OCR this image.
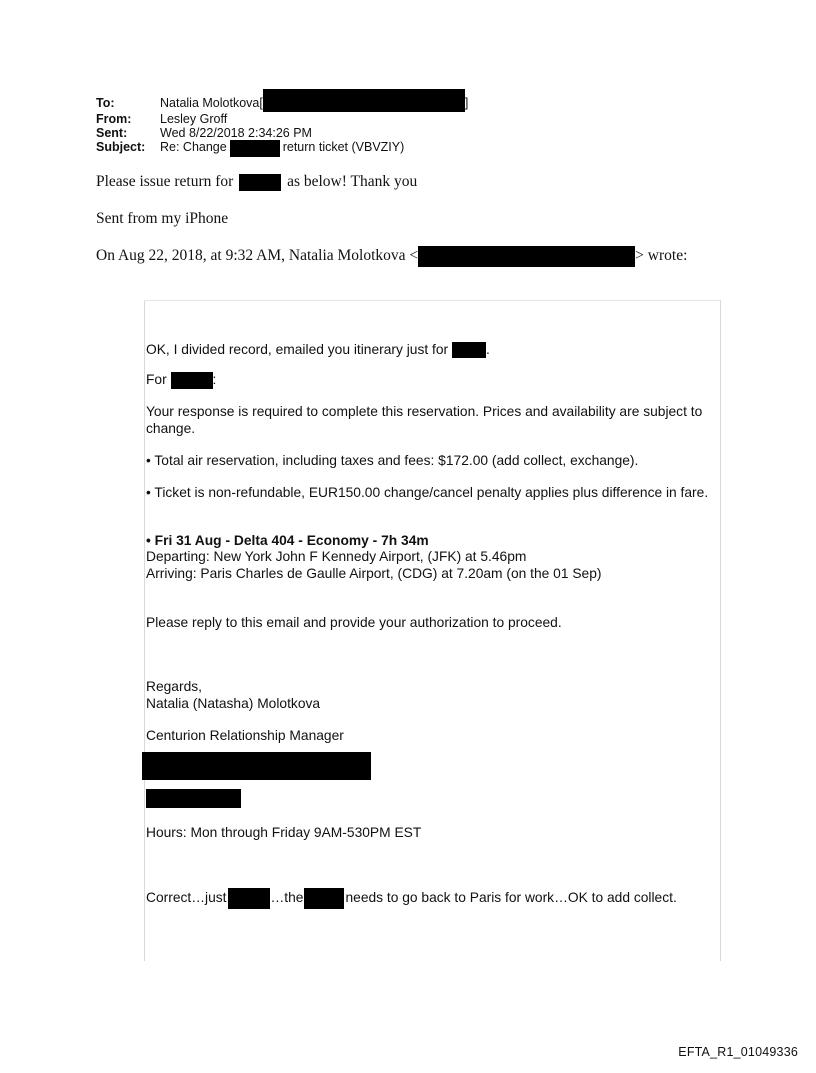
To:	Natalia Molotkova [	]
From:	Lesley Groff
Sent:	Wed 8/22/2018 2:34:26 PM
Subject:	Re: Change	return ticket (VBVZIY)
Please issue return for	as below! Thank you
Sent from my iPhone
On Aug 22, 2018, at 9:32 AM, Natalia Molotkova <	> wrote:
OK, I divided record, emailed you itinerary just for	.
For	:
Your response is required to complete this reservation. Prices and availability are subject to change.
• Total air reservation, including taxes and fees: $172.00 (add collect, exchange).
• Ticket is non-refundable, EUR150.00 change/cancel penalty applies plus difference in fare.
• Fri 31 Aug - Delta 404 - Economy - 7h 34m
Departing: New York John F Kennedy Airport, (JFK) at 5.46pm
Arriving: Paris Charles de Gaulle Airport, (CDG) at 7.20am (on the 01 Sep)
Please reply to this email and provide your authorization to proceed.
Regards,
Natalia (Natasha) Molotkova
Centurion Relationship Manager
Hours: Mon through Friday 9AM-530PM EST
Correct…just	…the	needs to go back to Paris for work…OK to add collect.
EFTA_R1_01049336
